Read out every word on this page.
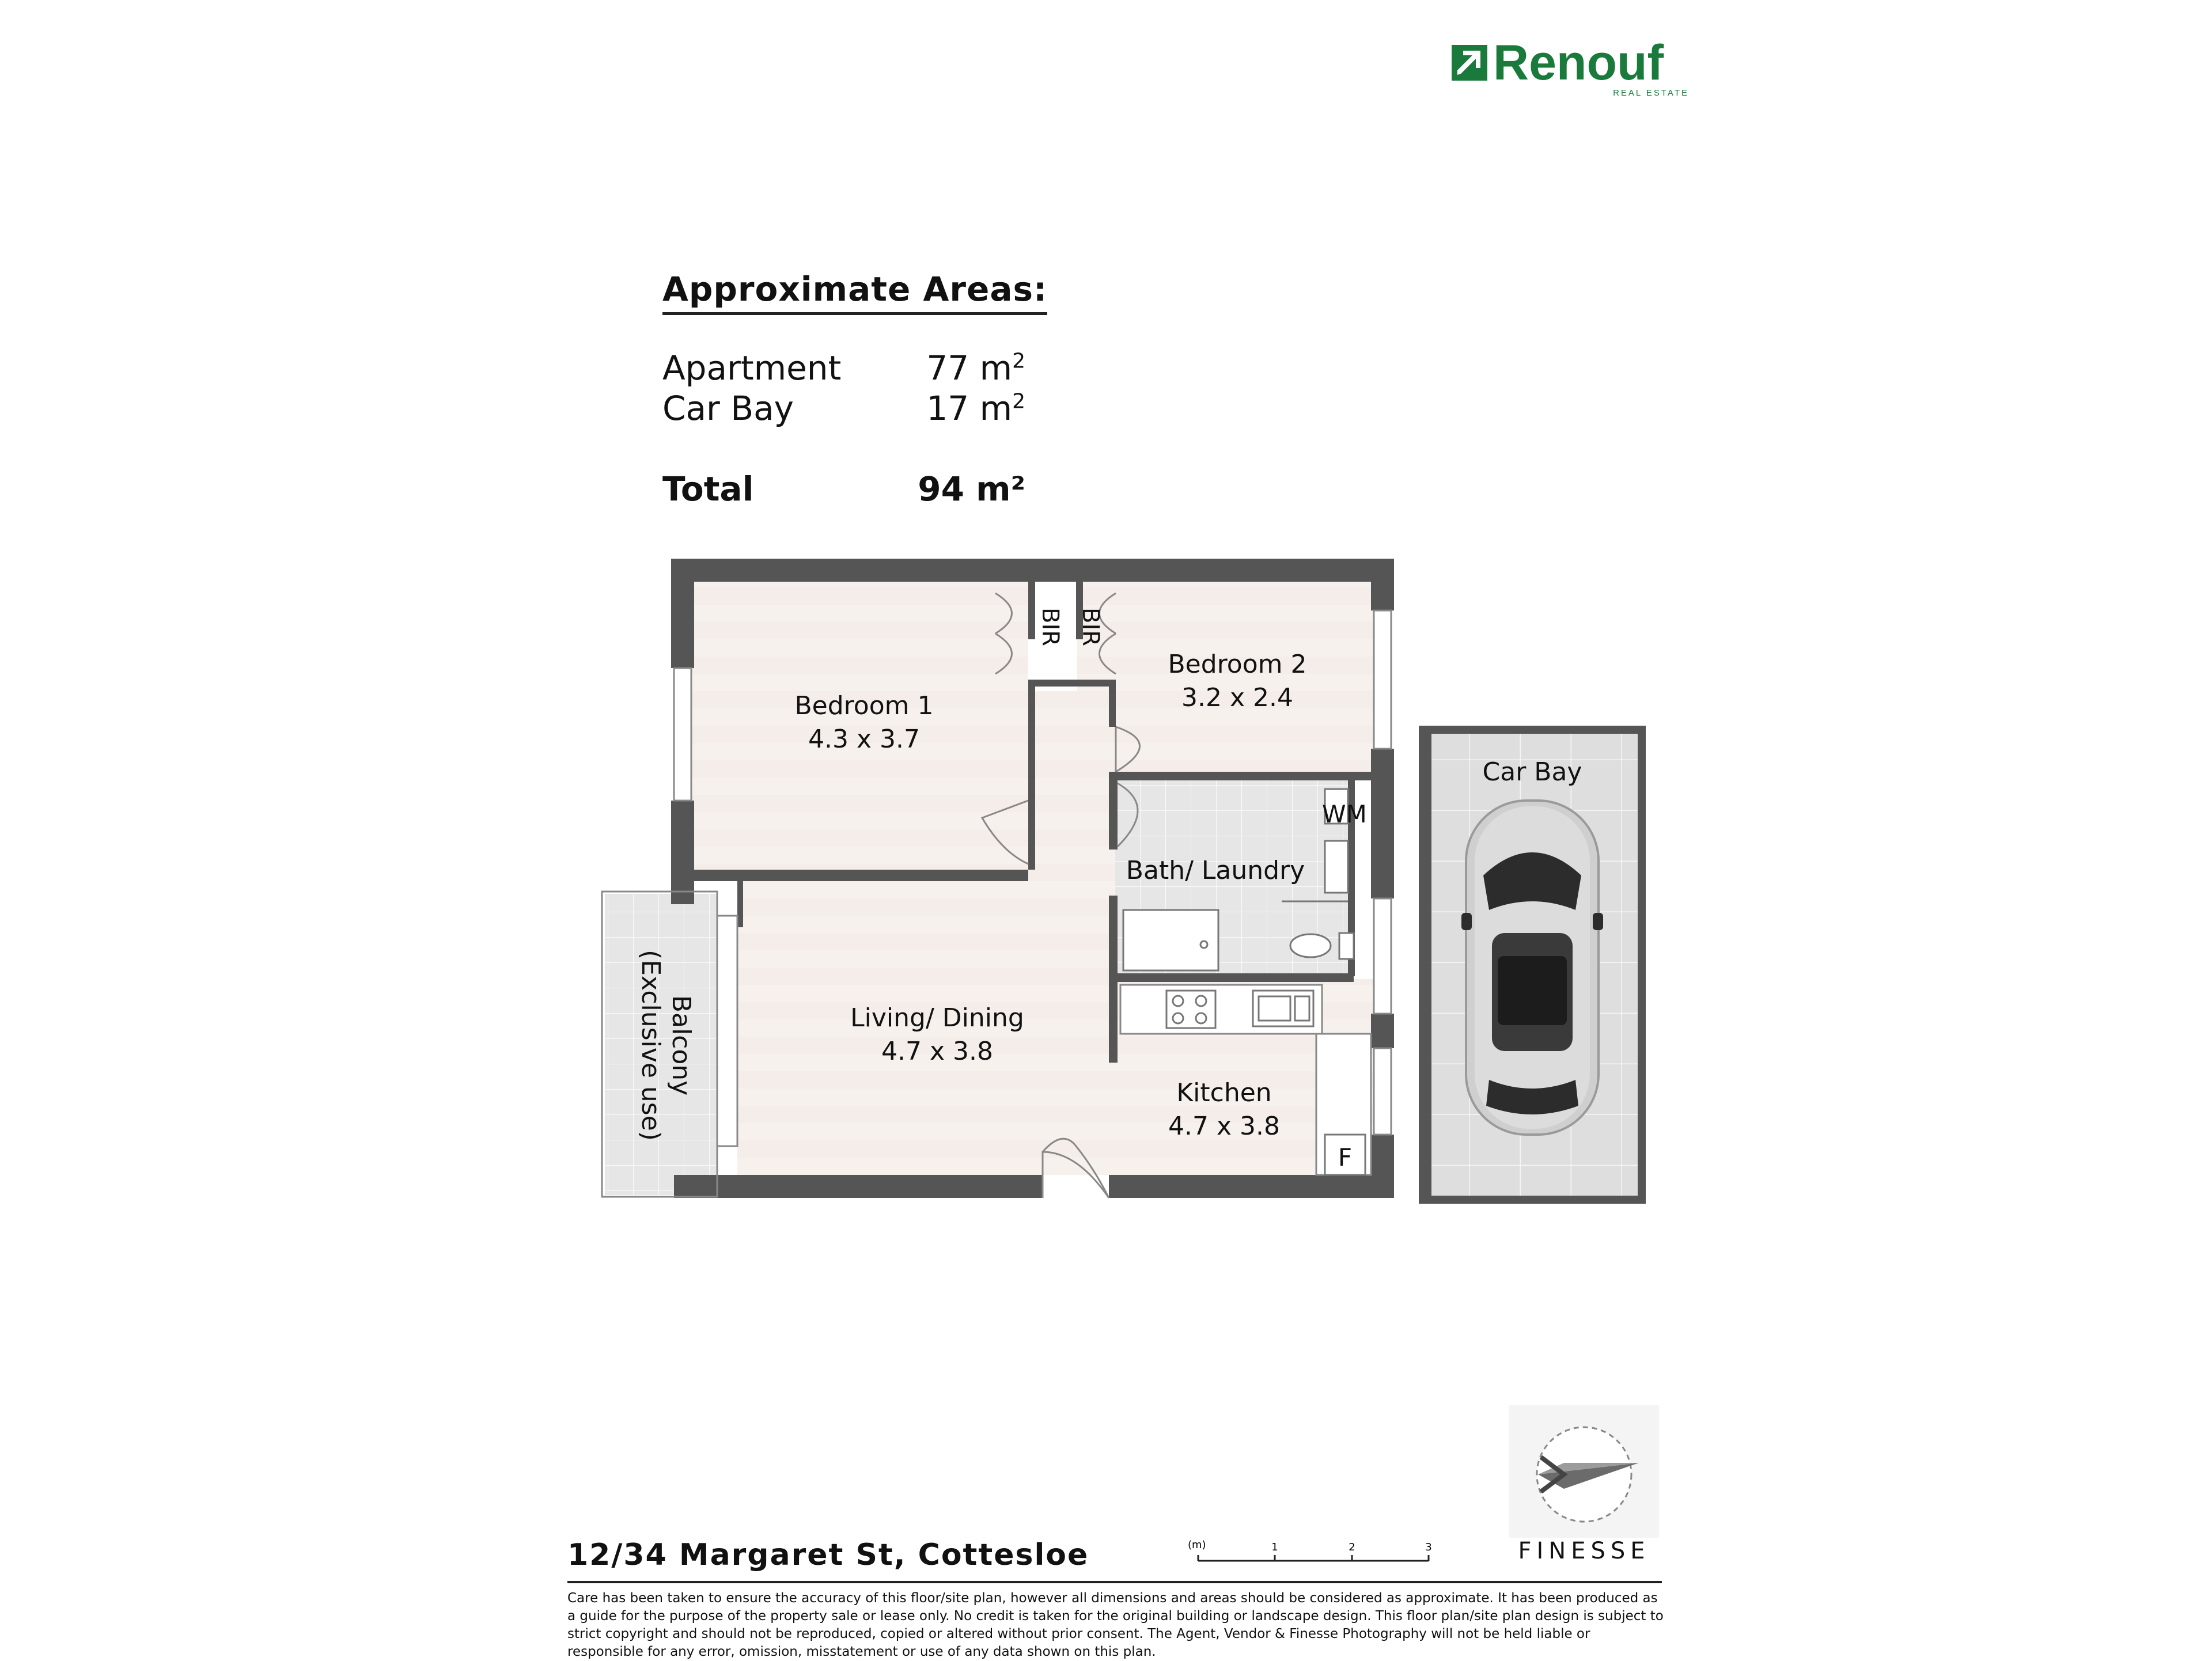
Renouf
REAL ESTATE
Approximate Areas:
Apartment	77 $m^2$
Car Bay	17 $m^2$
Total	94 m²
Bedroom 1
4.3 x 3.7
Bedroom 2
3.2 x 2.4
BIR BIR
WM
Bath/ Laundry
Living/ Dining
4.7 x 3.8
Kitchen
4.7 x 3.8
F
Balcony
(Exclusive use)
Car Bay
FINESSE
12/34 Margaret St, Cottesloe	(m)	1	2	3
Care has been taken to ensure the accuracy of this floor/site plan, however all dimensions and areas should be considered as approximate. It has been produced as a guide for the purpose of the property sale or lease only. No credit is taken for the original building or landscape design. This floor plan/site plan design is subject to strict copyright and should not be reproduced, copied or altered without prior consent. The Agent, Vendor & Finesse Photography will not be held liable or responsible for any error, omission, misstatement or use of any data shown on this plan.
